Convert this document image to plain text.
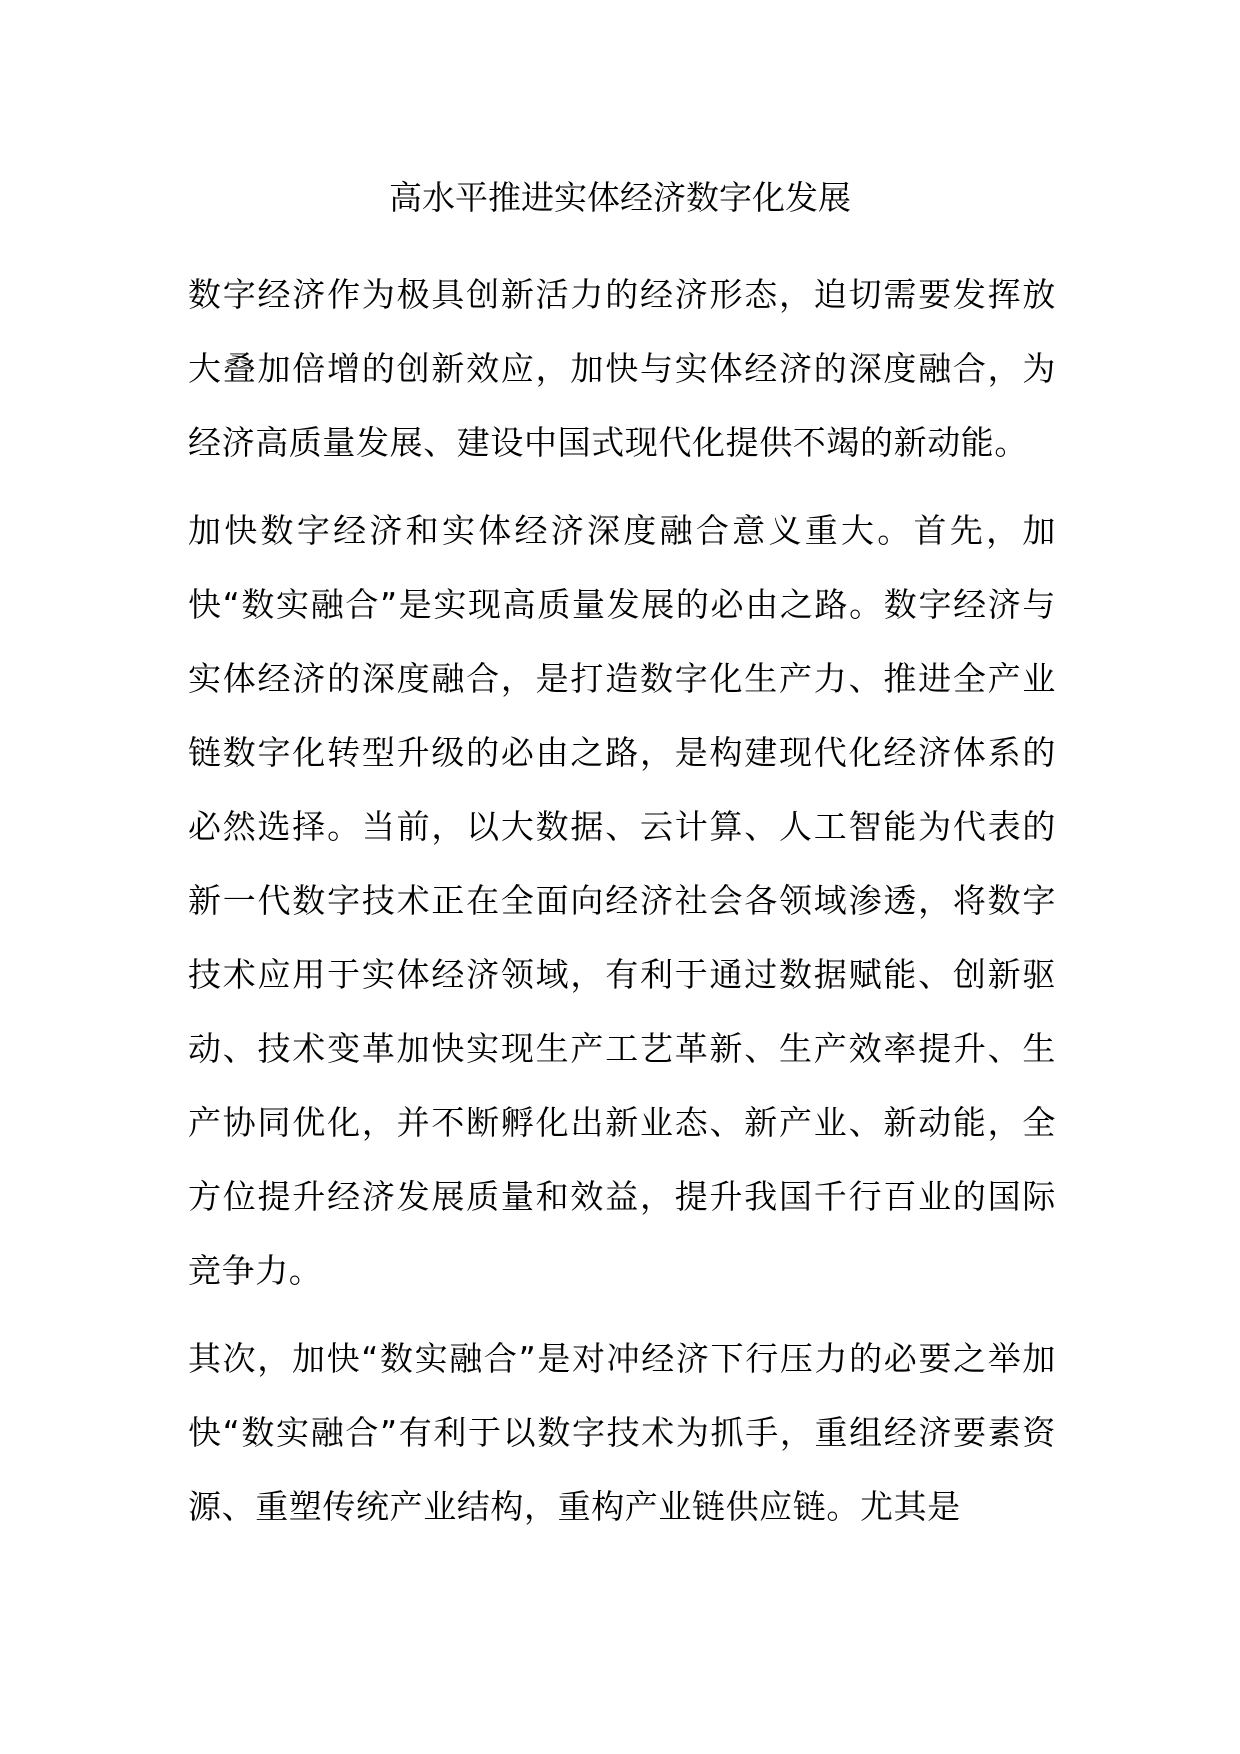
高水平推进实体经济数字化发展

数字经济作为极具创新活力的经济形态，迫切需要发挥放大叠加倍增的创新效应，加快与实体经济的深度融合，为经济高质量发展、建设中国式现代化提供不竭的新动能。

加快数字经济和实体经济深度融合意义重大。首先，加快“数实融合”是实现高质量发展的必由之路。数字经济与实体经济的深度融合，是打造数字化生产力、推进全产业链数字化转型升级的必由之路，是构建现代化经济体系的必然选择。当前，以大数据、云计算、人工智能为代表的新一代数字技术正在全面向经济社会各领域渗透，将数字技术应用于实体经济领域，有利于通过数据赋能、创新驱动、技术变革加快实现生产工艺革新、生产效率提升、生产协同优化，并不断孵化出新业态、新产业、新动能，全方位提升经济发展质量和效益，提升我国千行百业的国际竞争力。

其次，加快“数实融合”是对冲经济下行压力的必要之举加快“数实融合”有利于以数字技术为抓手，重组经济要素资源、重塑传统产业结构，重构产业链供应链。尤其是
